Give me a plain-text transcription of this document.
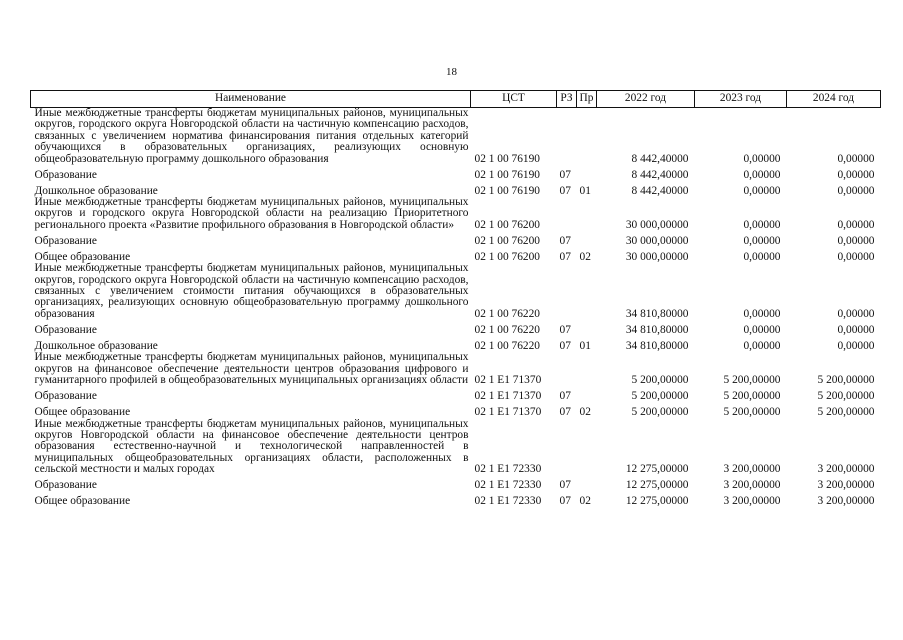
18
Наименование	ЦСТ	РЗ	Пр	2022 год	2023 год	2024 год

Иные межбюджетные трансферты бюджетам муниципальных районов, муниципальных округов, городского округа Новгородской области на частичную компенсацию расходов, связанных с увеличением норматива финансирования питания отдельных категорий обучающихся в образовательных организациях, реализующих основную общеобразовательную программу дошкольного образования	02 1 00 76190			8 442,40000	0,00000	0,00000

Образование	02 1 00 76190	07		8 442,40000	0,00000	0,00000

Дошкольное образование	02 1 00 76190	07	01	8 442,40000	0,00000	0,00000

Иные межбюджетные трансферты бюджетам муниципальных районов, муниципальных округов и городского округа Новгородской области на реализацию Приоритетного регионального проекта «Развитие профильного образования в Новгородской области»	02 1 00 76200			30 000,00000	0,00000	0,00000

Образование	02 1 00 76200	07		30 000,00000	0,00000	0,00000

Общее образование	02 1 00 76200	07	02	30 000,00000	0,00000	0,00000

Иные межбюджетные трансферты бюджетам муниципальных районов, муниципальных округов, городского округа Новгородской области на частичную компенсацию расходов, связанных с увеличением стоимости питания обучающихся в образовательных организациях, реализующих основную общеобразовательную программу дошкольного образования	02 1 00 76220			34 810,80000	0,00000	0,00000

Образование	02 1 00 76220	07		34 810,80000	0,00000	0,00000

Дошкольное образование	02 1 00 76220	07	01	34 810,80000	0,00000	0,00000

Иные межбюджетные трансферты бюджетам муниципальных районов, муниципальных округов на финансовое обеспечение деятельности центров образования цифрового и гуманитарного профилей в общеобразовательных муниципальных организациях области	02 1 E1 71370			5 200,00000	5 200,00000	5 200,00000

Образование	02 1 E1 71370	07		5 200,00000	5 200,00000	5 200,00000

Общее образование	02 1 E1 71370	07	02	5 200,00000	5 200,00000	5 200,00000

Иные межбюджетные трансферты бюджетам муниципальных районов, муниципальных округов Новгородской области на финансовое обеспечение деятельности центров образования естественно-научной и технологической направленностей в муниципальных общеобразовательных организациях области, расположенных в сельской местности и малых городах	02 1 E1 72330			12 275,00000	3 200,00000	3 200,00000

Образование	02 1 E1 72330	07		12 275,00000	3 200,00000	3 200,00000

Общее образование	02 1 E1 72330	07	02	12 275,00000	3 200,00000	3 200,00000
